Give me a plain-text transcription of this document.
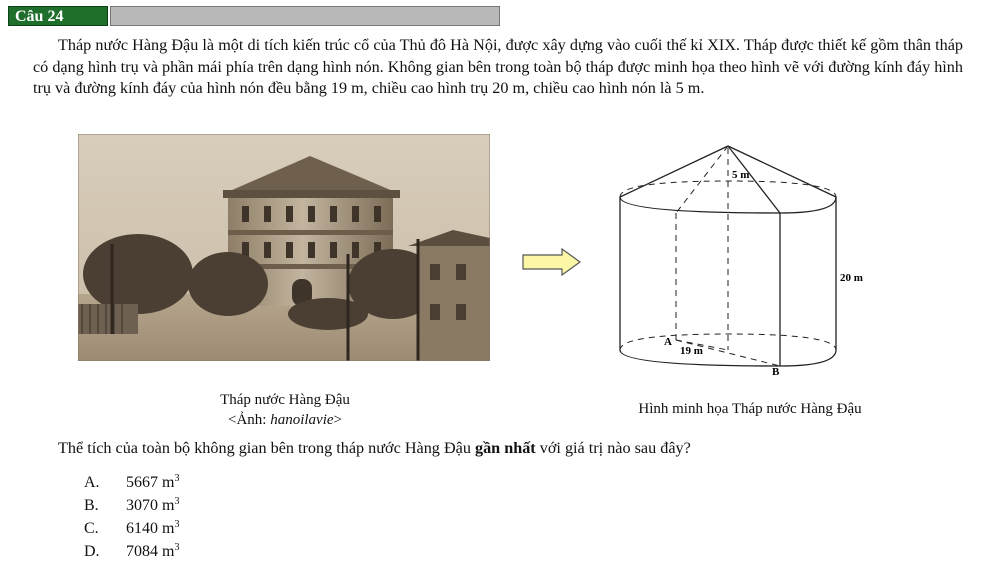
Câu 24
Tháp nước Hàng Đậu là một di tích kiến trúc cổ của Thủ đô Hà Nội, được xây dựng vào cuối thế kỉ XIX. Tháp được thiết kế gồm thân tháp có dạng hình trụ và phần mái phía trên dạng hình nón. Không gian bên trong toàn bộ tháp được minh họa theo hình vẽ với đường kính đáy hình trụ và đường kính đáy của hình nón đều bằng 19 m, chiều cao hình trụ 20 m, chiều cao hình nón là 5 m.
5 m
20 m
19 m
A
B
Tháp nước Hàng Đậu
<Ảnh: hanoilavie>
Hình minh họa Tháp nước Hàng Đậu
Thể tích của toàn bộ không gian bên trong tháp nước Hàng Đậu gần nhất với giá trị nào sau đây?
A. 5667 $m^3$
B. 3070 $m^3$
C. 6140 $m^3$
D. 7084 $m^3$
